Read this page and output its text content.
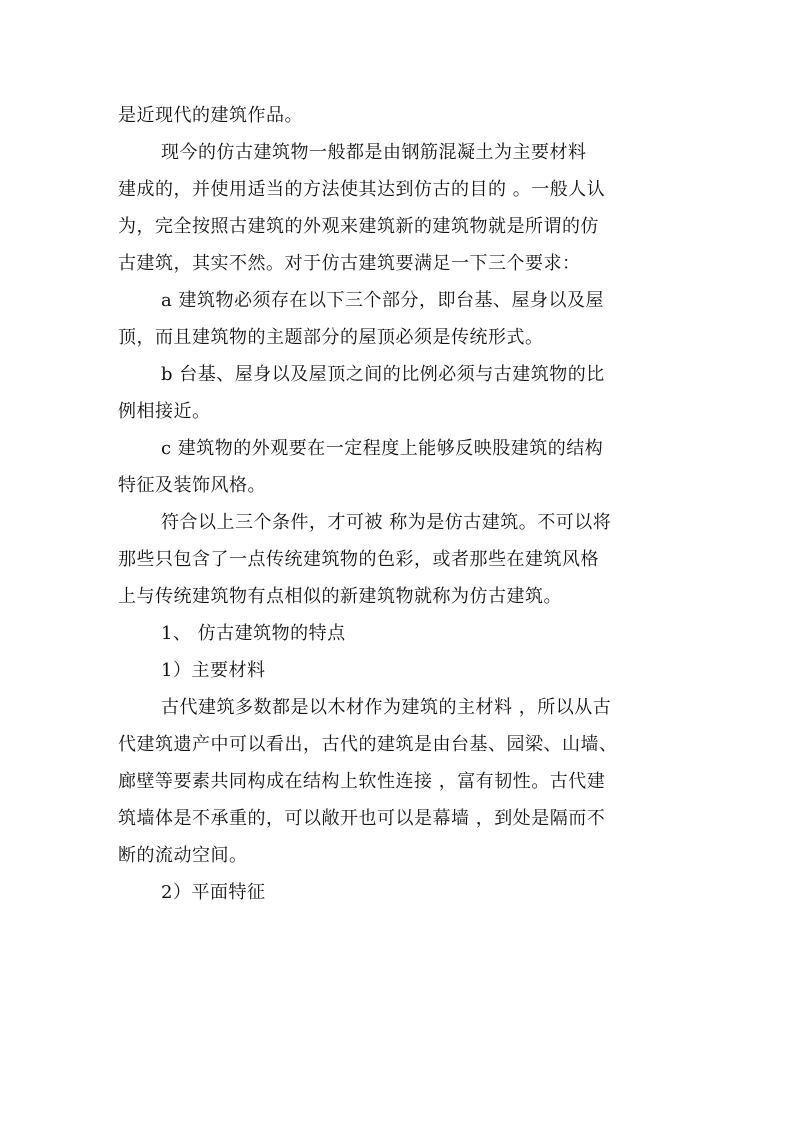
是近现代的建筑作品。
现今的仿古建筑物一般都是由钢筋混凝土为主要材料
建成的，并使用适当的方法使其达到仿古的目的 。一般人认
为，完全按照古建筑的外观来建筑新的建筑物就是所谓的仿
古建筑，其实不然。对于仿古建筑要满足一下三个要求：
a 建筑物必须存在以下三个部分，即台基、屋身以及屋
顶，而且建筑物的主题部分的屋顶必须是传统形式。
b 台基、屋身以及屋顶之间的比例必须与古建筑物的比
例相接近。
c 建筑物的外观要在一定程度上能够反映股建筑的结构
特征及装饰风格。
符合以上三个条件，才可被 称为是仿古建筑。不可以将
那些只包含了一点传统建筑物的色彩，或者那些在建筑风格
上与传统建筑物有点相似的新建筑物就称为仿古建筑。
1、 仿古建筑物的特点
1）主要材料
古代建筑多数都是以木材作为建筑的主材料 ，所以从古
代建筑遗产中可以看出，古代的建筑是由台基、园梁、山墙、
廊壁等要素共同构成在结构上软性连接 ，富有韧性。古代建
筑墙体是不承重的，可以敞开也可以是幕墙 ，到处是隔而不
断的流动空间。
2）平面特征
